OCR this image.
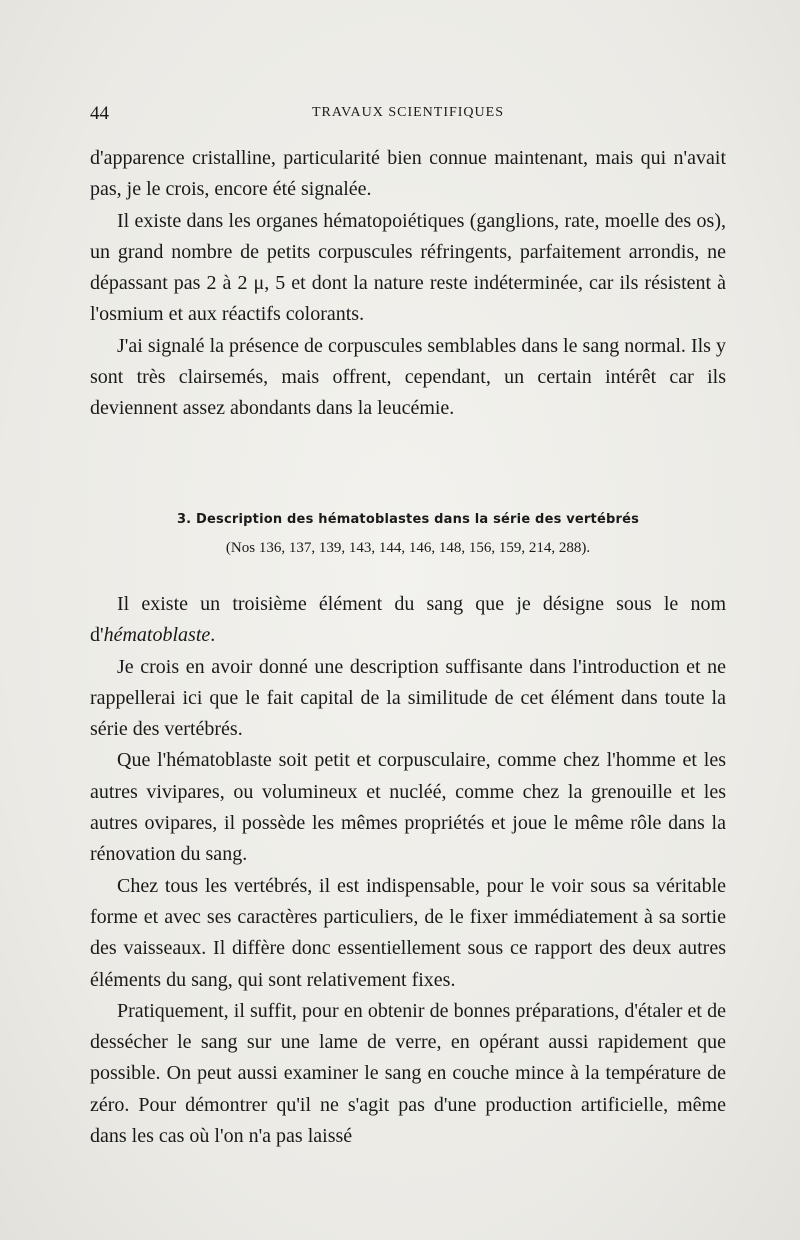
44	TRAVAUX SCIENTIFIQUES

d'apparence cristalline, particularité bien connue maintenant, mais qui n'avait pas, je le crois, encore été signalée.

Il existe dans les organes hématopoiétiques (ganglions, rate, moelle des os), un grand nombre de petits corpuscules réfringents, parfaitement arrondis, ne dépassant pas 2 à 2 μ, 5 et dont la nature reste indéterminée, car ils résistent à l'osmium et aux réactifs colorants.

J'ai signalé la présence de corpuscules semblables dans le sang normal. Ils y sont très clairsemés, mais offrent, cependant, un certain intérêt car ils deviennent assez abondants dans la leucémie.

3. Description des hématoblastes dans la série des vertébrés
(Nos 136, 137, 139, 143, 144, 146, 148, 156, 159, 214, 288).

Il existe un troisième élément du sang que je désigne sous le nom d'hématoblaste.

Je crois en avoir donné une description suffisante dans l'introduction et ne rappellerai ici que le fait capital de la similitude de cet élément dans toute la série des vertébrés.

Que l'hématoblaste soit petit et corpusculaire, comme chez l'homme et les autres vivipares, ou volumineux et nucléé, comme chez la grenouille et les autres ovipares, il possède les mêmes propriétés et joue le même rôle dans la rénovation du sang.

Chez tous les vertébrés, il est indispensable, pour le voir sous sa véritable forme et avec ses caractères particuliers, de le fixer immédiatement à sa sortie des vaisseaux. Il diffère donc essentiellement sous ce rapport des deux autres éléments du sang, qui sont relativement fixes.

Pratiquement, il suffit, pour en obtenir de bonnes préparations, d'étaler et de dessécher le sang sur une lame de verre, en opérant aussi rapidement que possible. On peut aussi examiner le sang en couche mince à la température de zéro. Pour démontrer qu'il ne s'agit pas d'une production artificielle, même dans les cas où l'on n'a pas laissé
